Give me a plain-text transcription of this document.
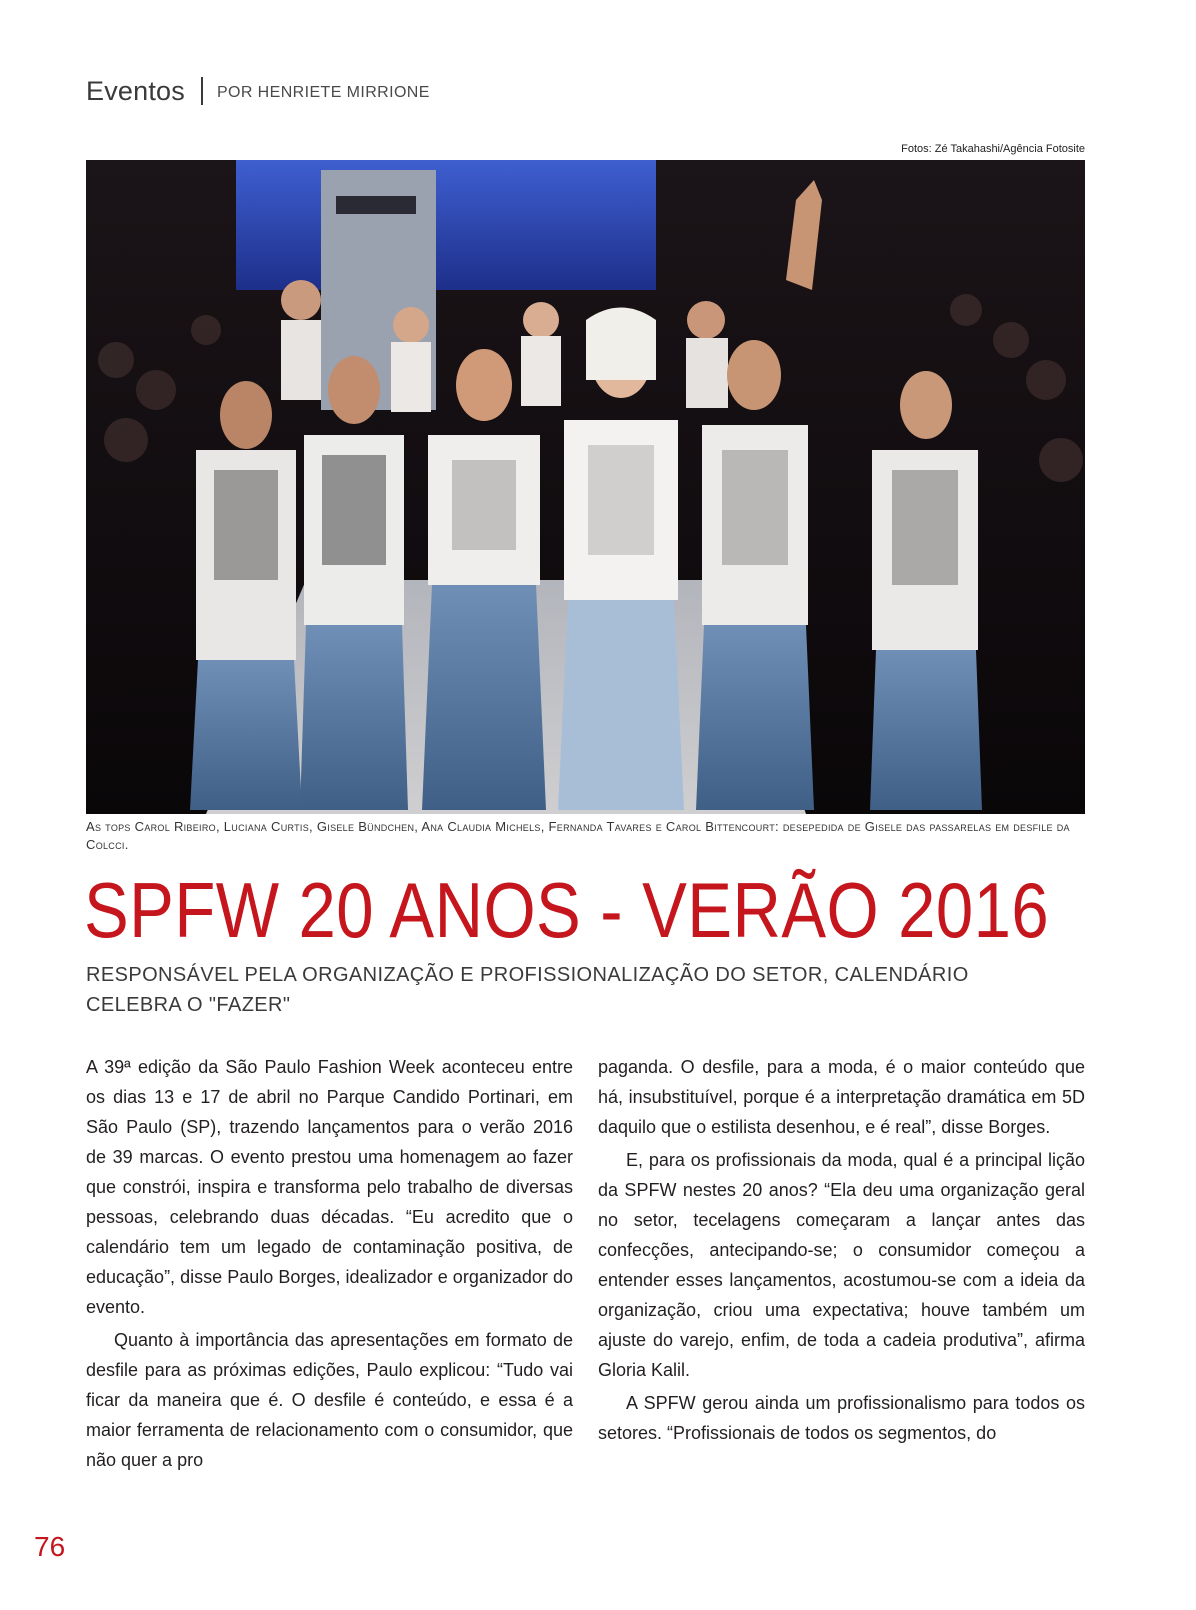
Eventos POR HENRIETE MIRRIONE
Fotos: Zé Takahashi/Agência Fotosite
As tops Carol Ribeiro, Luciana Curtis, Gisele Bündchen, Ana Claudia Michels, Fernanda Tavares e Carol Bittencourt: desepedida de Gisele das passarelas em desfile da Colcci.
SPFW 20 ANOS - VERÃO 2016
RESPONSÁVEL PELA ORGANIZAÇÃO E PROFISSIONALIZAÇÃO DO SETOR, CALENDÁRIO CELEBRA O "FAZER"

A 39ª edição da São Paulo Fashion Week aconteceu entre os dias 13 e 17 de abril no Parque Candido Portinari, em São Paulo (SP), trazendo lançamentos para o verão 2016 de 39 marcas. O evento prestou uma homenagem ao fazer que constrói, inspira e transforma pelo trabalho de diversas pessoas, celebrando duas décadas. “Eu acredito que o calendário tem um legado de contaminação positiva, de educação”, disse Paulo Borges, idealizador e organizador do evento.

Quanto à importância das apresentações em formato de desfile para as próximas edições, Paulo explicou: “Tudo vai ficar da maneira que é. O desfile é conteúdo, e essa é a maior ferramenta de relacionamento com o consumidor, que não quer a pro

paganda. O desfile, para a moda, é o maior conteúdo que há, insubstituível, porque é a interpretação dramática em 5D daquilo que o estilista desenhou, e é real”, disse Borges.

E, para os profissionais da moda, qual é a principal lição da SPFW nestes 20 anos? “Ela deu uma organização geral no setor, tecelagens começaram a lançar antes das confecções, antecipando-se; o consumidor começou a entender esses lançamentos, acostumou-se com a ideia da organização, criou uma expectativa; houve também um ajuste do varejo, enfim, de toda a cadeia produtiva”, afirma Gloria Kalil.

A SPFW gerou ainda um profissionalismo para todos os setores. “Profissionais de todos os segmentos, do

76
